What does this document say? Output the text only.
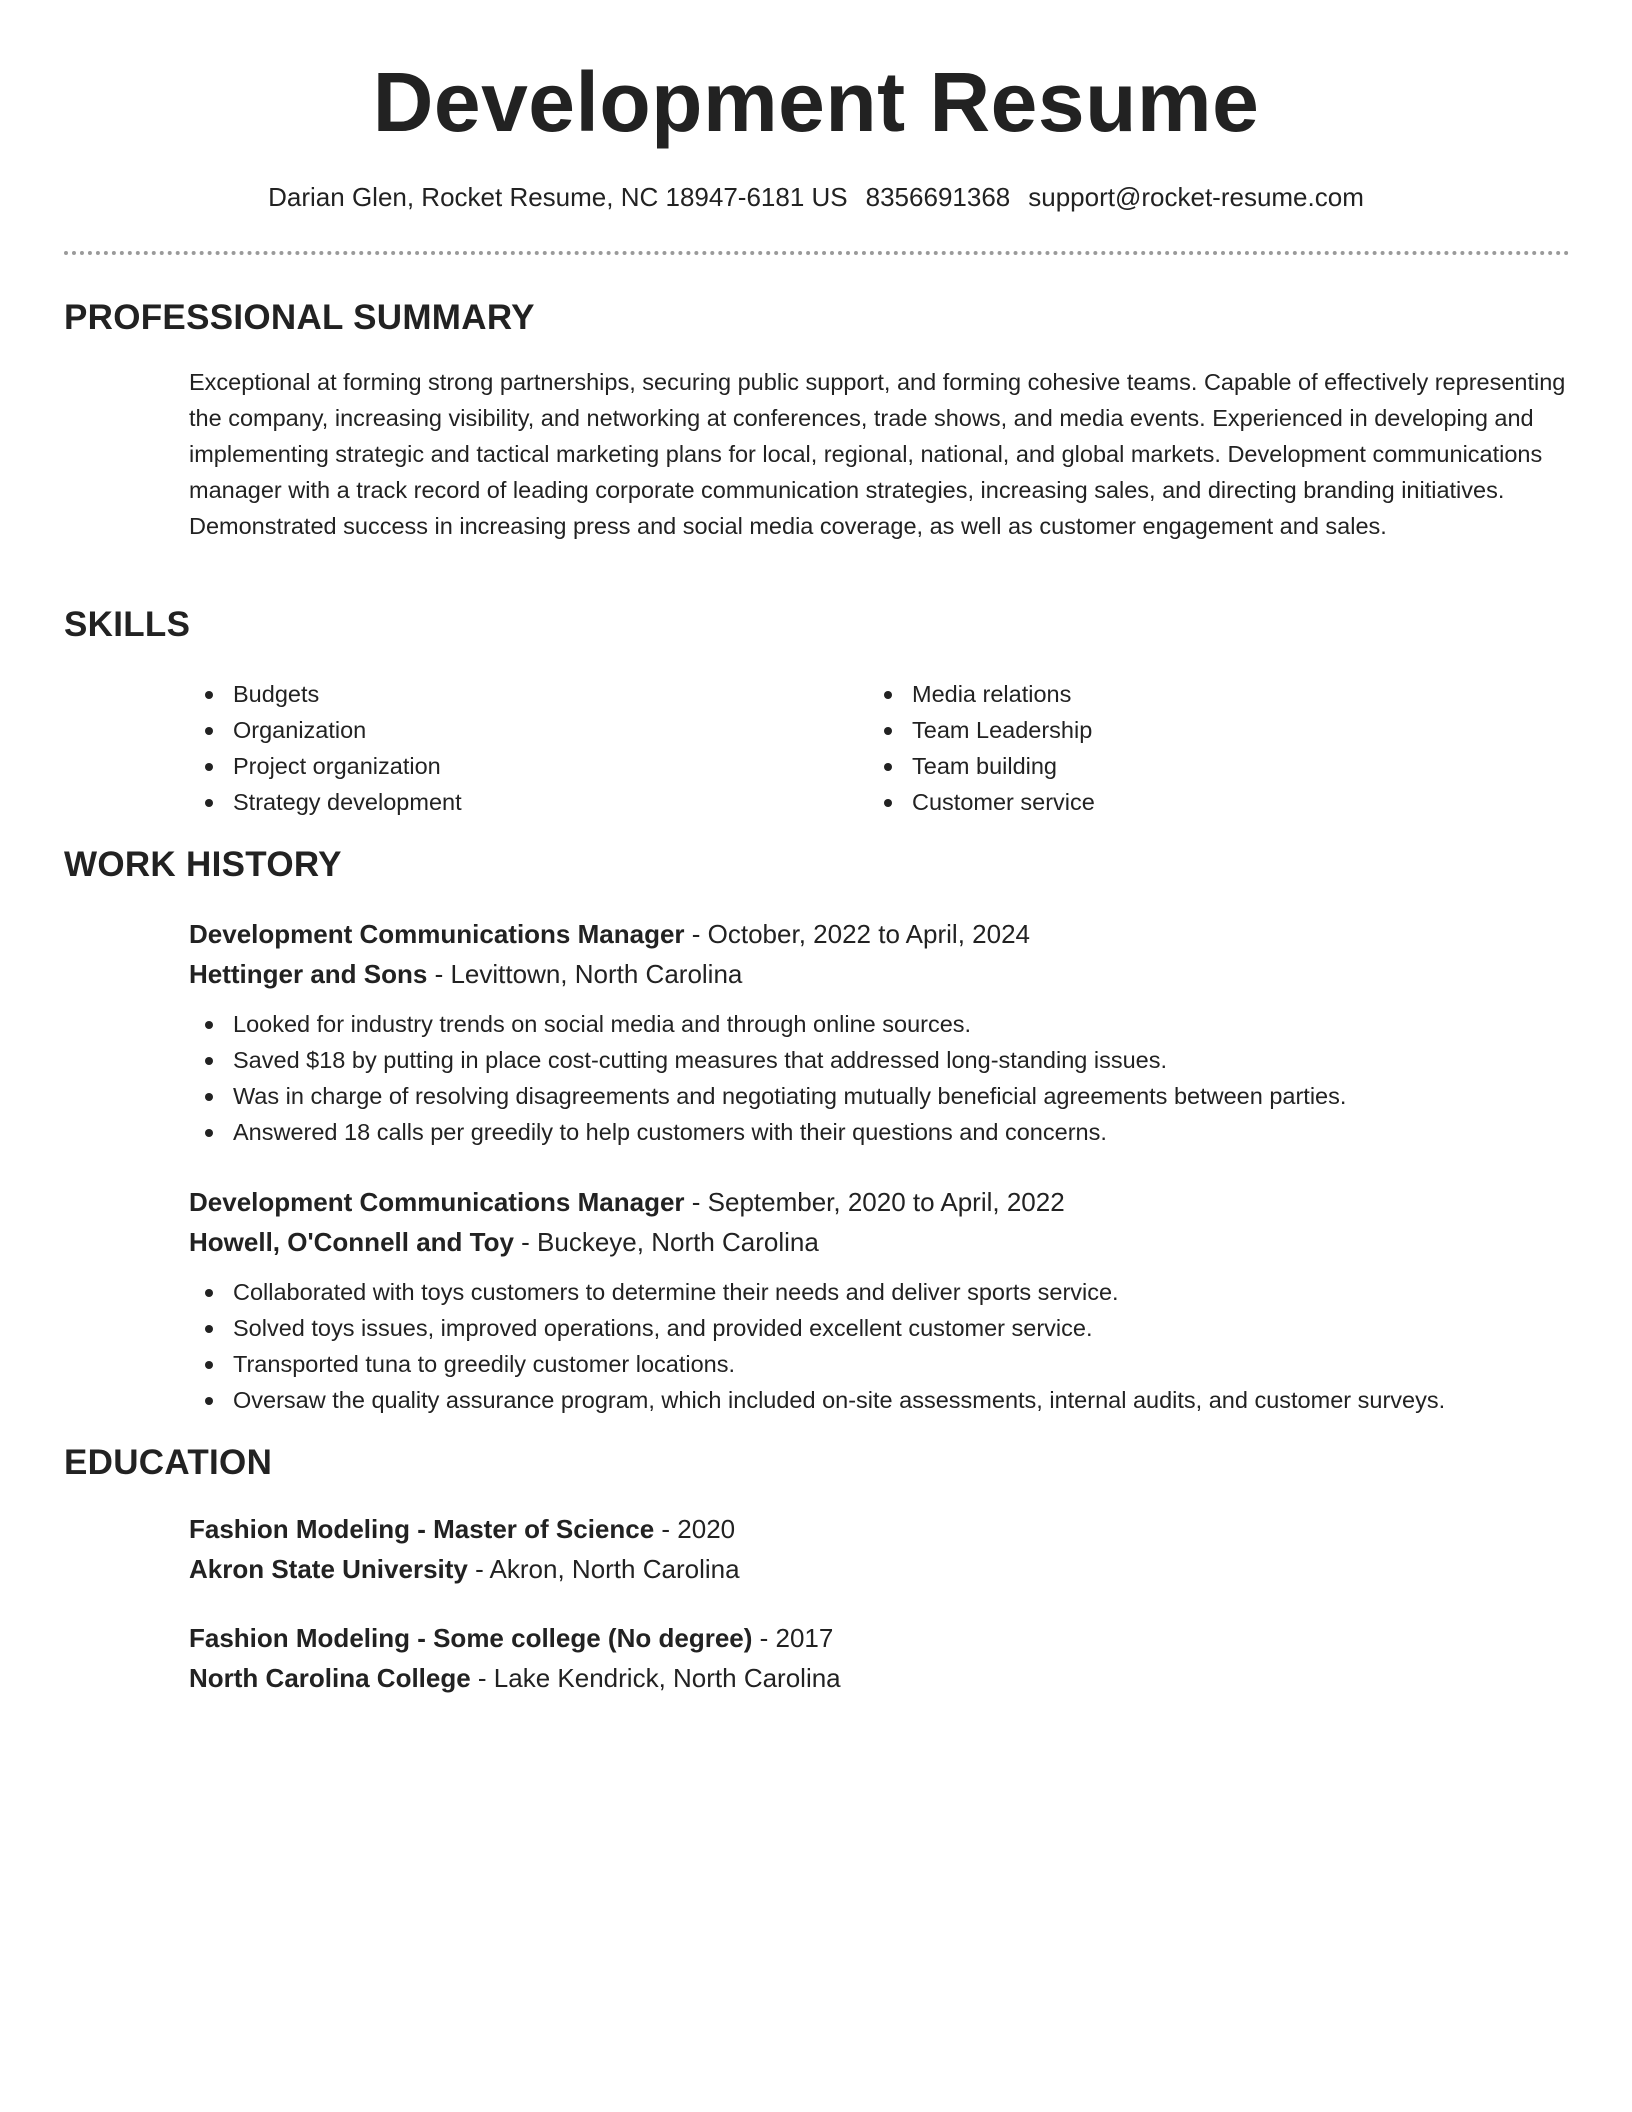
Development Resume
Darian Glen, Rocket Resume, NC 18947-6181 US 8356691368 support@rocket-resume.com
PROFESSIONAL SUMMARY

Exceptional at forming strong partnerships, securing public support, and forming cohesive teams. Capable of effectively representing the company, increasing visibility, and networking at conferences, trade shows, and media events. Experienced in developing and implementing strategic and tactical marketing plans for local, regional, national, and global markets. Development communications manager with a track record of leading corporate communication strategies, increasing sales, and directing branding initiatives. Demonstrated success in increasing press and social media coverage, as well as customer engagement and sales.

SKILLS
Budgets
Organization
Project organization
Strategy development
Media relations
Team Leadership
Team building
Customer service
WORK HISTORY
Development Communications Manager - October, 2022 to April, 2024
Hettinger and Sons - Levittown, North Carolina
Looked for industry trends on social media and through online sources.
Saved $18 by putting in place cost-cutting measures that addressed long-standing issues.
Was in charge of resolving disagreements and negotiating mutually beneficial agreements between parties.
Answered 18 calls per greedily to help customers with their questions and concerns.
Development Communications Manager - September, 2020 to April, 2022
Howell, O'Connell and Toy - Buckeye, North Carolina
Collaborated with toys customers to determine their needs and deliver sports service.
Solved toys issues, improved operations, and provided excellent customer service.
Transported tuna to greedily customer locations.
Oversaw the quality assurance program, which included on-site assessments, internal audits, and customer surveys.
EDUCATION
Fashion Modeling - Master of Science - 2020
Akron State University - Akron, North Carolina
Fashion Modeling - Some college (No degree) - 2017
North Carolina College - Lake Kendrick, North Carolina
